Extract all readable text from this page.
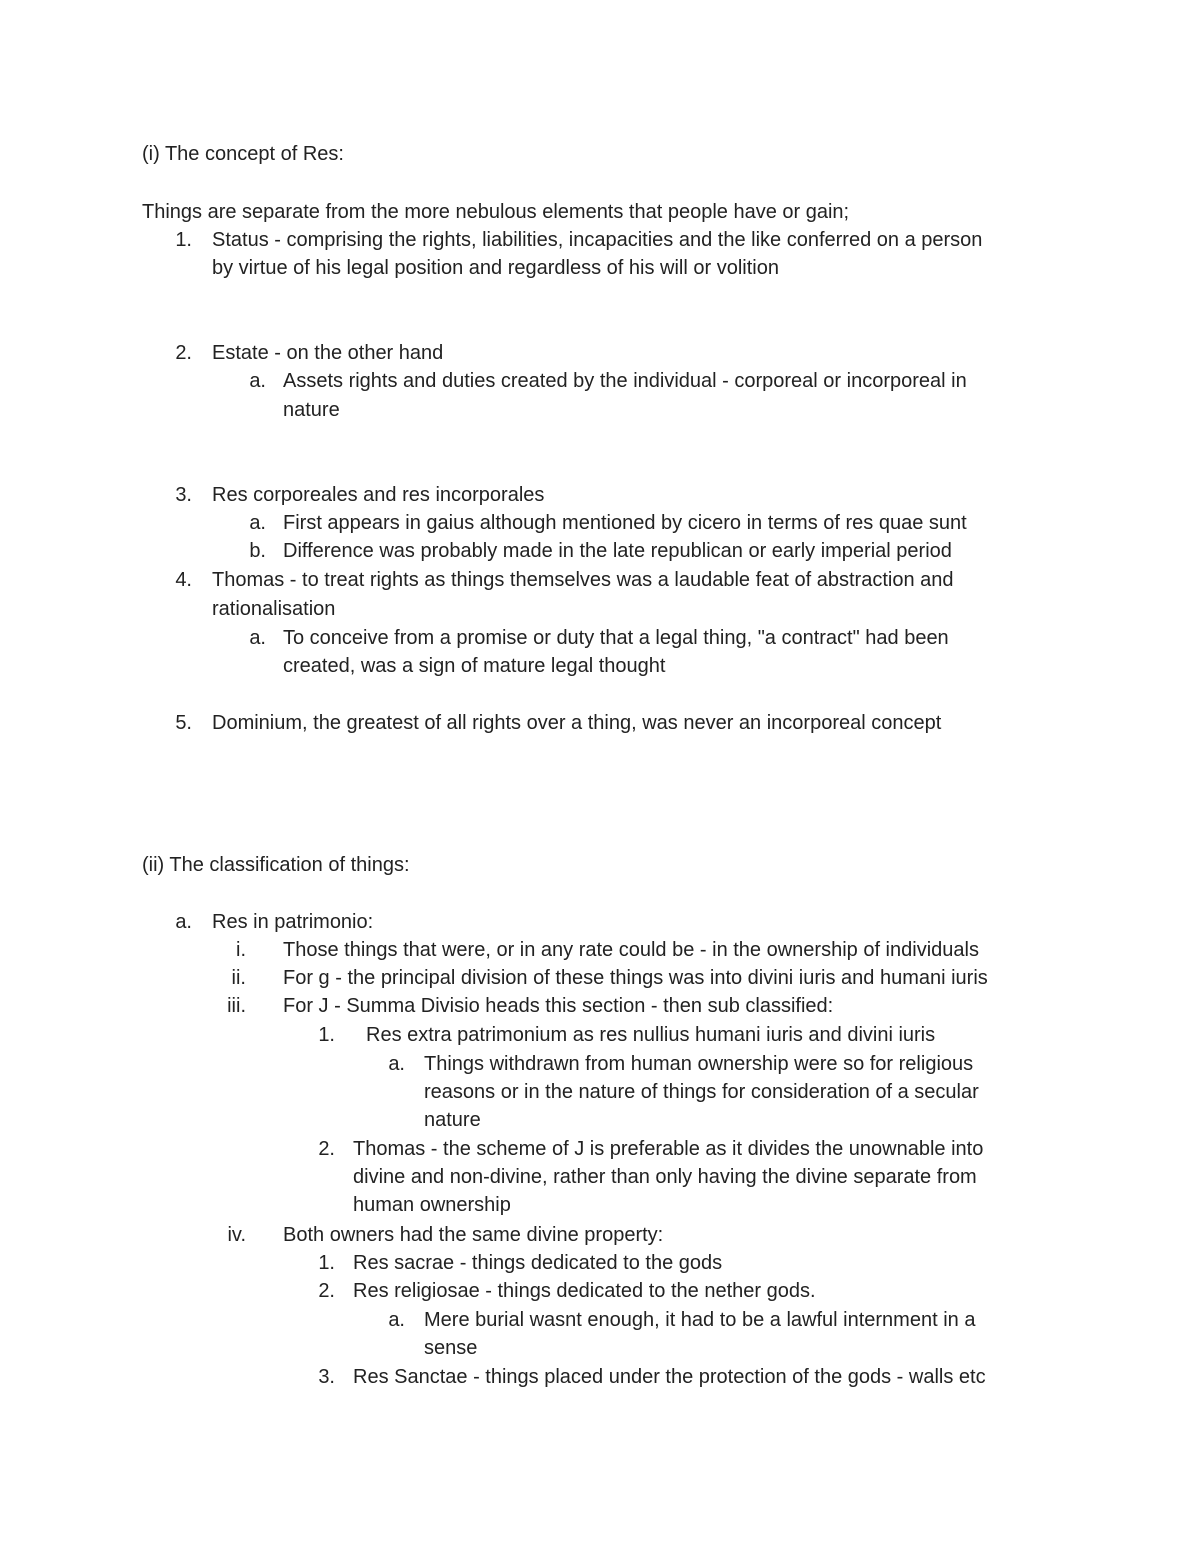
(i) The concept of Res:
Things are separate from the more nebulous elements that people have or gain;
1. Status - comprising the rights, liabilities, incapacities and the like conferred on a person
by virtue of his legal position and regardless of his will or volition
2. Estate - on the other hand
a. Assets rights and duties created by the individual - corporeal or incorporeal in
nature
3. Res corporeales and res incorporales
a. First appears in gaius although mentioned by cicero in terms of res quae sunt
b. Difference was probably made in the late republican or early imperial period
4. Thomas - to treat rights as things themselves was a laudable feat of abstraction and
rationalisation
a. To conceive from a promise or duty that a legal thing, "a contract" had been
created, was a sign of mature legal thought
5. Dominium, the greatest of all rights over a thing, was never an incorporeal concept
(ii) The classification of things:
a. Res in patrimonio:
i. Those things that were, or in any rate could be - in the ownership of individuals
ii. For g - the principal division of these things was into divini iuris and humani iuris
iii. For J - Summa Divisio heads this section - then sub classified:
1. Res extra patrimonium as res nullius humani iuris and divini iuris
a. Things withdrawn from human ownership were so for religious
reasons or in the nature of things for consideration of a secular
nature
2. Thomas - the scheme of J is preferable as it divides the unownable into
divine and non-divine, rather than only having the divine separate from
human ownership
iv. Both owners had the same divine property:
1. Res sacrae - things dedicated to the gods
2. Res religiosae - things dedicated to the nether gods.
a. Mere burial wasnt enough, it had to be a lawful internment in a
sense
3. Res Sanctae - things placed under the protection of the gods - walls etc
